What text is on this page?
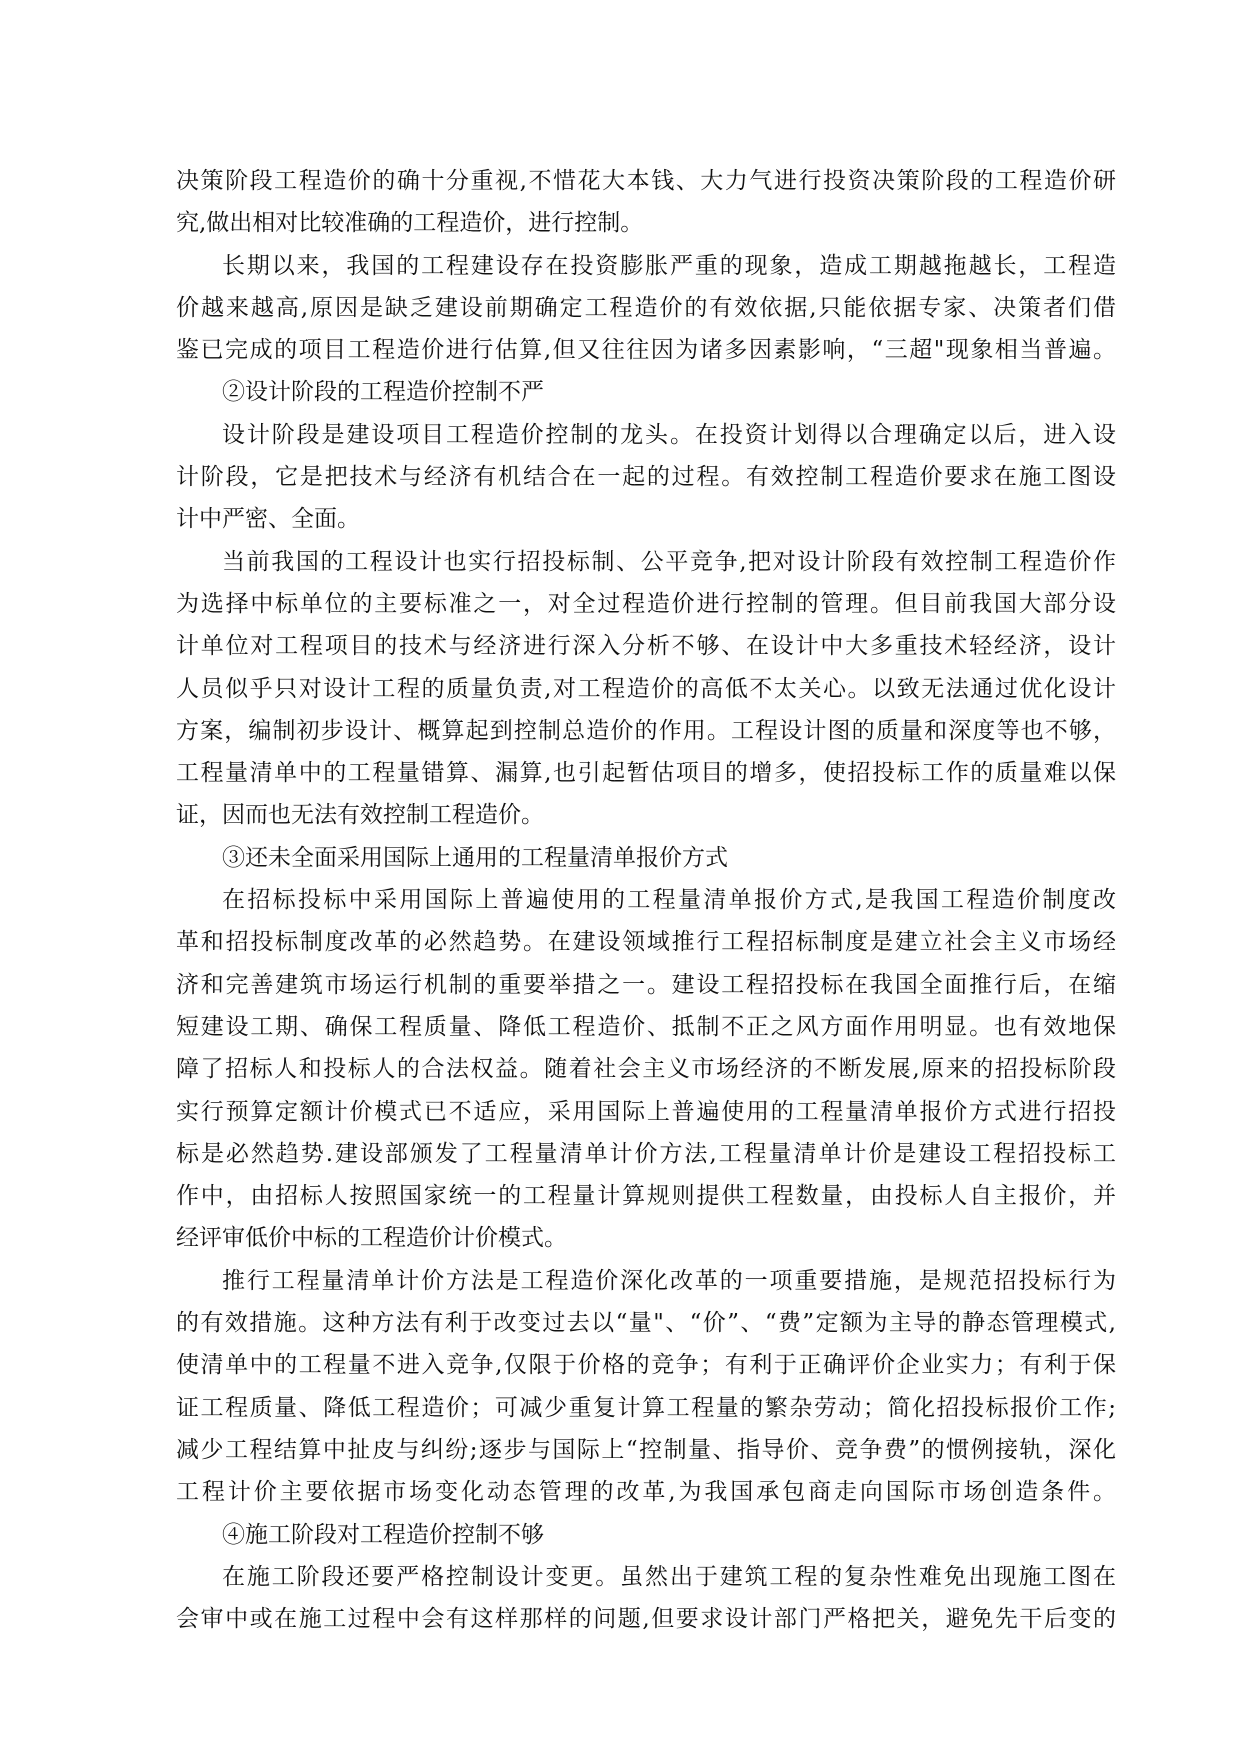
决策阶段工程造价的确十分重视,不惜花大本钱、大力气进行投资决策阶段的工程造价研
究,做出相对比较准确的工程造价，进行控制。
长期以来，我国的工程建设存在投资膨胀严重的现象，造成工期越拖越长，工程造
价越来越高,原因是缺乏建设前期确定工程造价的有效依据,只能依据专家、决策者们借
鉴已完成的项目工程造价进行估算,但又往往因为诸多因素影响，“三超"现象相当普遍。
②设计阶段的工程造价控制不严
设计阶段是建设项目工程造价控制的龙头。在投资计划得以合理确定以后，进入设
计阶段，它是把技术与经济有机结合在一起的过程。有效控制工程造价要求在施工图设
计中严密、全面。
当前我国的工程设计也实行招投标制、公平竞争,把对设计阶段有效控制工程造价作
为选择中标单位的主要标准之一，对全过程造价进行控制的管理。但目前我国大部分设
计单位对工程项目的技术与经济进行深入分析不够、在设计中大多重技术轻经济，设计
人员似乎只对设计工程的质量负责,对工程造价的高低不太关心。以致无法通过优化设计
方案，编制初步设计、概算起到控制总造价的作用。工程设计图的质量和深度等也不够，
工程量清单中的工程量错算、漏算,也引起暂估项目的增多，使招投标工作的质量难以保
证，因而也无法有效控制工程造价。
③还未全面采用国际上通用的工程量清单报价方式
在招标投标中采用国际上普遍使用的工程量清单报价方式,是我国工程造价制度改
革和招投标制度改革的必然趋势。在建设领域推行工程招标制度是建立社会主义市场经
济和完善建筑市场运行机制的重要举措之一。建设工程招投标在我国全面推行后，在缩
短建设工期、确保工程质量、降低工程造价、抵制不正之风方面作用明显。也有效地保
障了招标人和投标人的合法权益。随着社会主义市场经济的不断发展,原来的招投标阶段
实行预算定额计价模式已不适应，采用国际上普遍使用的工程量清单报价方式进行招投
标是必然趋势.建设部颁发了工程量清单计价方法,工程量清单计价是建设工程招投标工
作中，由招标人按照国家统一的工程量计算规则提供工程数量，由投标人自主报价，并
经评审低价中标的工程造价计价模式。
推行工程量清单计价方法是工程造价深化改革的一项重要措施，是规范招投标行为
的有效措施。这种方法有利于改变过去以“量"、“价”、“费”定额为主导的静态管理模式,
使清单中的工程量不进入竞争,仅限于价格的竞争；有利于正确评价企业实力；有利于保
证工程质量、降低工程造价；可减少重复计算工程量的繁杂劳动；简化招投标报价工作;
减少工程结算中扯皮与纠纷;逐步与国际上“控制量、指导价、竞争费”的惯例接轨，深化
工程计价主要依据市场变化动态管理的改革,为我国承包商走向国际市场创造条件。
④施工阶段对工程造价控制不够
在施工阶段还要严格控制设计变更。虽然出于建筑工程的复杂性难免出现施工图在
会审中或在施工过程中会有这样那样的问题,但要求设计部门严格把关，避免先干后变的
